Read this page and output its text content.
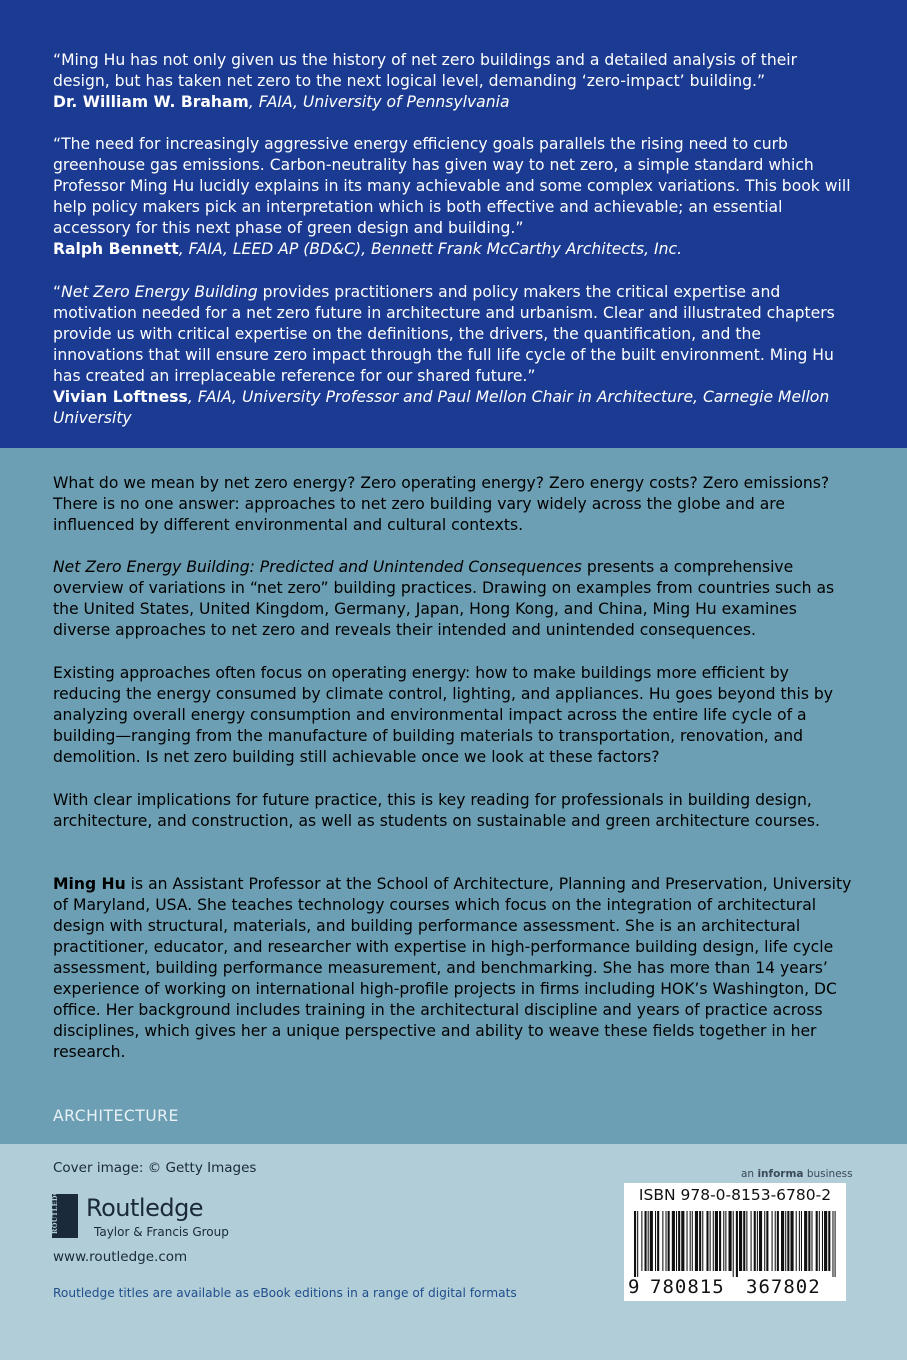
“Ming Hu has not only given us the history of net zero buildings and a detailed analysis of their design, but has taken net zero to the next logical level, demanding ‘zero-impact’ building.”
Dr. William W. Braham, FAIA, University of Pennsylvania
“The need for increasingly aggressive energy efficiency goals parallels the rising need to curb greenhouse gas emissions. Carbon-neutrality has given way to net zero, a simple standard which Professor Ming Hu lucidly explains in its many achievable and some complex variations. This book will help policy makers pick an interpretation which is both effective and achievable; an essential accessory for this next phase of green design and building.”
Ralph Bennett, FAIA, LEED AP (BD&C), Bennett Frank McCarthy Architects, Inc.
“Net Zero Energy Building provides practitioners and policy makers the critical expertise and motivation needed for a net zero future in architecture and urbanism. Clear and illustrated chapters provide us with critical expertise on the definitions, the drivers, the quantification, and the innovations that will ensure zero impact through the full life cycle of the built environment. Ming Hu has created an irreplaceable reference for our shared future.”
Vivian Loftness, FAIA, University Professor and Paul Mellon Chair in Architecture, Carnegie Mellon University
What do we mean by net zero energy? Zero operating energy? Zero energy costs? Zero emissions? There is no one answer: approaches to net zero building vary widely across the globe and are influenced by different environmental and cultural contexts.
Net Zero Energy Building: Predicted and Unintended Consequences presents a comprehensive overview of variations in “net zero” building practices. Drawing on examples from countries such as the United States, United Kingdom, Germany, Japan, Hong Kong, and China, Ming Hu examines diverse approaches to net zero and reveals their intended and unintended consequences.
Existing approaches often focus on operating energy: how to make buildings more efficient by reducing the energy consumed by climate control, lighting, and appliances. Hu goes beyond this by analyzing overall energy consumption and environmental impact across the entire life cycle of a building—ranging from the manufacture of building materials to transportation, renovation, and demolition. Is net zero building still achievable once we look at these factors?
With clear implications for future practice, this is key reading for professionals in building design, architecture, and construction, as well as students on sustainable and green architecture courses.
Ming Hu is an Assistant Professor at the School of Architecture, Planning and Preservation, University of Maryland, USA. She teaches technology courses which focus on the integration of architectural design with structural, materials, and building performance assessment. She is an architectural practitioner, educator, and researcher with expertise in high-performance building design, life cycle assessment, building performance measurement, and benchmarking. She has more than 14 years’ experience of working on international high-profile projects in firms including HOK’s Washington, DC office. Her background includes training in the architectural discipline and years of practice across disciplines, which gives her a unique perspective and ability to weave these fields together in her research.
ARCHITECTURE
Cover image: © Getty Images
ROUTLEDGE	Routledge
Taylor & Francis Group
www.routledge.com
Routledge titles are available as eBook editions in a range of digital formats
an informa business
ISBN 978-0-8153-6780-2
9 780815 367802
